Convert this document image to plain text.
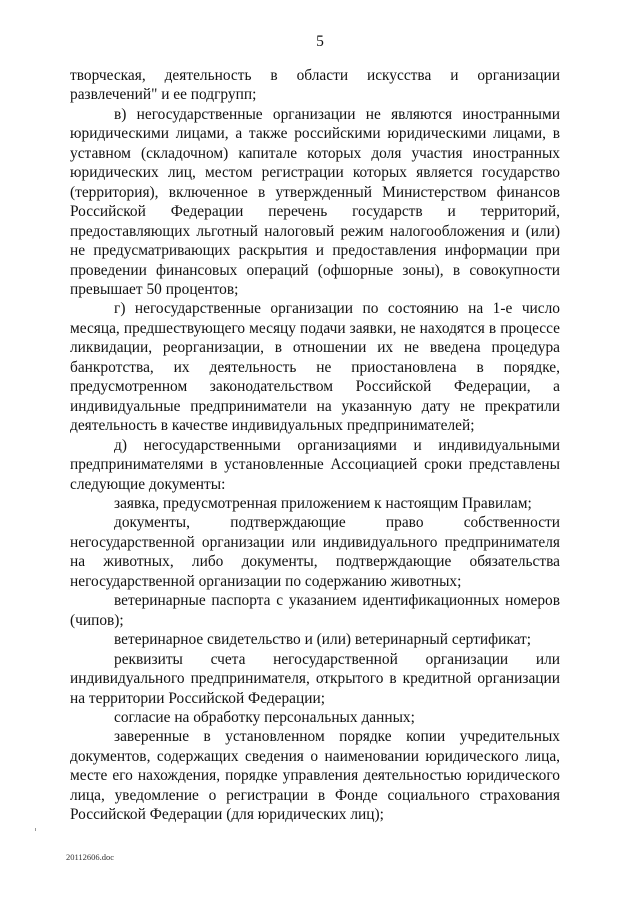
5

творческая, деятельность в области искусства и организации развлечений" и ее подгрупп;

в) негосударственные организации не являются иностранными юридическими лицами, а также российскими юридическими лицами, в уставном (складочном) капитале которых доля участия иностранных юридических лиц, местом регистрации которых является государство (территория), включенное в утвержденный Министерством финансов Российской Федерации перечень государств и территорий, предоставляющих льготный налоговый режим налогообложения и (или) не предусматривающих раскрытия и предоставления информации при проведении финансовых операций (офшорные зоны), в совокупности превышает 50 процентов;

г) негосударственные организации по состоянию на 1-е число месяца, предшествующего месяцу подачи заявки, не находятся в процессе ликвидации, реорганизации, в отношении их не введена процедура банкротства, их деятельность не приостановлена в порядке, предусмотренном законодательством Российской Федерации, а индивидуальные предприниматели на указанную дату не прекратили деятельность в качестве индивидуальных предпринимателей;

д) негосударственными организациями и индивидуальными предпринимателями в установленные Ассоциацией сроки представлены следующие документы:

заявка, предусмотренная приложением к настоящим Правилам;

документы, подтверждающие право собственности негосударственной организации или индивидуального предпринимателя на животных, либо документы, подтверждающие обязательства негосударственной организации по содержанию животных;

ветеринарные паспорта с указанием идентификационных номеров (чипов);

ветеринарное свидетельство и (или) ветеринарный сертификат;

реквизиты счета негосударственной организации или индивидуального предпринимателя, открытого в кредитной организации на территории Российской Федерации;

согласие на обработку персональных данных;

заверенные в установленном порядке копии учредительных документов, содержащих сведения о наименовании юридического лица, месте его нахождения, порядке управления деятельностью юридического лица, уведомление о регистрации в Фонде социального страхования Российской Федерации (для юридических лиц);

20112606.doc
